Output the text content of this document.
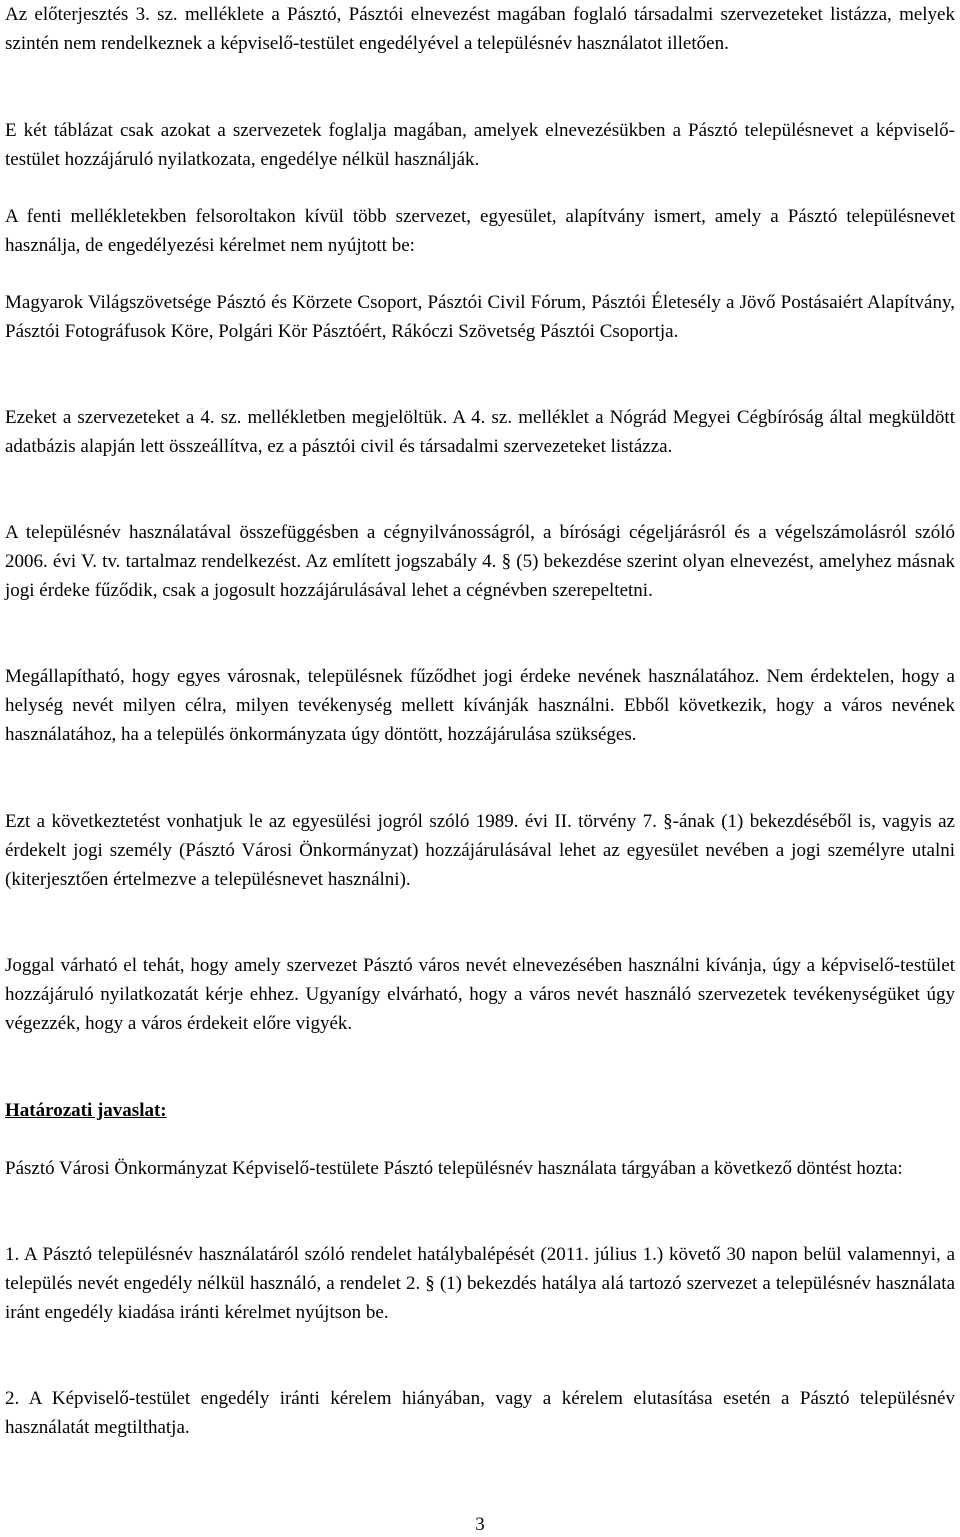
Az előterjesztés 3. sz. melléklete a Pásztó, Pásztói elnevezést magában foglaló társadalmi szervezeteket listázza, melyek szintén nem rendelkeznek a képviselő-testület engedélyével a településnév használatot illetően.

E két táblázat csak azokat a szervezetek foglalja magában, amelyek elnevezésükben a Pásztó településnevet a képviselő-testület hozzájáruló nyilatkozata, engedélye nélkül használják.

A fenti mellékletekben felsoroltakon kívül több szervezet, egyesület, alapítvány ismert, amely a Pásztó településnevet használja, de engedélyezési kérelmet nem nyújtott be:

Magyarok Világszövetsége Pásztó és Körzete Csoport, Pásztói Civil Fórum, Pásztói Életesély a Jövő Postásaiért Alapítvány, Pásztói Fotográfusok Köre, Polgári Kör Pásztóért, Rákóczi Szövetség Pásztói Csoportja.

Ezeket a szervezeteket a 4. sz. mellékletben megjelöltük. A 4. sz. melléklet a Nógrád Megyei Cégbíróság által megküldött adatbázis alapján lett összeállítva, ez a pásztói civil és társadalmi szervezeteket listázza.

A településnév használatával összefüggésben a cégnyilvánosságról, a bírósági cégeljárásról és a végelszámolásról szóló 2006. évi V. tv. tartalmaz rendelkezést. Az említett jogszabály 4. § (5) bekezdése szerint olyan elnevezést, amelyhez másnak jogi érdeke fűződik, csak a jogosult hozzájárulásával lehet a cégnévben szerepeltetni.

Megállapítható, hogy egyes városnak, településnek fűződhet jogi érdeke nevének használatához. Nem érdektelen, hogy a helység nevét milyen célra, milyen tevékenység mellett kívánják használni. Ebből következik, hogy a város nevének használatához, ha a település önkormányzata úgy döntött, hozzájárulása szükséges.

Ezt a következtetést vonhatjuk le az egyesülési jogról szóló 1989. évi II. törvény 7. §-ának (1) bekezdéséből is, vagyis az érdekelt jogi személy (Pásztó Városi Önkormányzat) hozzájárulásával lehet az egyesület nevében a jogi személyre utalni (kiterjesztően értelmezve a településnevet használni).

Joggal várható el tehát, hogy amely szervezet Pásztó város nevét elnevezésében használni kívánja, úgy a képviselő-testület hozzájáruló nyilatkozatát kérje ehhez. Ugyanígy elvárható, hogy a város nevét használó szervezetek tevékenységüket úgy végezzék, hogy a város érdekeit előre vigyék.

Határozati javaslat:

Pásztó Városi Önkormányzat Képviselő-testülete Pásztó településnév használata tárgyában a következő döntést hozta:

1. A Pásztó településnév használatáról szóló rendelet hatálybalépését (2011. július 1.) követő 30 napon belül valamennyi, a település nevét engedély nélkül használó, a rendelet 2. § (1) bekezdés hatálya alá tartozó szervezet a településnév használata iránt engedély kiadása iránti kérelmet nyújtson be.

2. A Képviselő-testület engedély iránti kérelem hiányában, vagy a kérelem elutasítása esetén a Pásztó településnév használatát megtilthatja.

3
